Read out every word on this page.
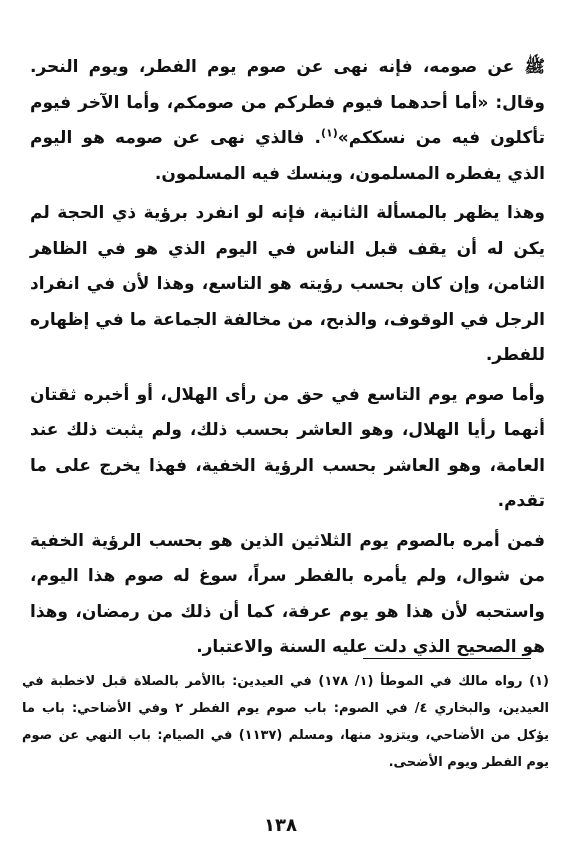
ﷺ عن صومه، فإنه نهى عن صوم يوم الفطر، ويوم النحر. وقال: «أما أحدهما فيوم فطركم من صومكم، وأما الآخر فيوم تأكلون فيه من نسككم»$^{(١)}$. فالذي نهى عن صومه هو اليوم الذي يفطره المسلمون، وينسك فيه المسلمون.

وهذا يظهر بالمسألة الثانية، فإنه لو انفرد برؤية ذي الحجة لم يكن له أن يقف قبل الناس في اليوم الذي هو في الظاهر الثامن، وإن كان بحسب رؤيته هو التاسع، وهذا لأن في انفراد الرجل في الوقوف، والذبح، من مخالفة الجماعة ما في إظهاره للفطر.

وأما صوم يوم التاسع في حق من رأى الهلال، أو أخبره ثقتان أنهما رأيا الهلال، وهو العاشر بحسب ذلك، ولم يثبت ذلك عند العامة، وهو العاشر بحسب الرؤية الخفية، فهذا يخرج على ما تقدم.

فمن أمره بالصوم يوم الثلاثين الذين هو بحسب الرؤية الخفية من شوال، ولم يأمره بالفطر سراً، سوغ له صوم هذا اليوم، واستحبه لأن هذا هو يوم عرفة، كما أن ذلك من رمضان، وهذا هو الصحيح الذي دلت عليه السنة والاعتبار.

(١) رواه مالك في الموطأ (١/ ١٧٨) في العيدين: باالأمر بالصلاة قبل لاخطبة في العيدين، والبخاري ٤/ في الصوم: باب صوم يوم الفطر ٢ وفي الأضاحي: باب ما يؤكل من الأضاحي، ويتزود منها، ومسلم (١١٣٧) في الصيام: باب النهي عن صوم يوم الفطر ويوم الأضحى.

١٣٨
